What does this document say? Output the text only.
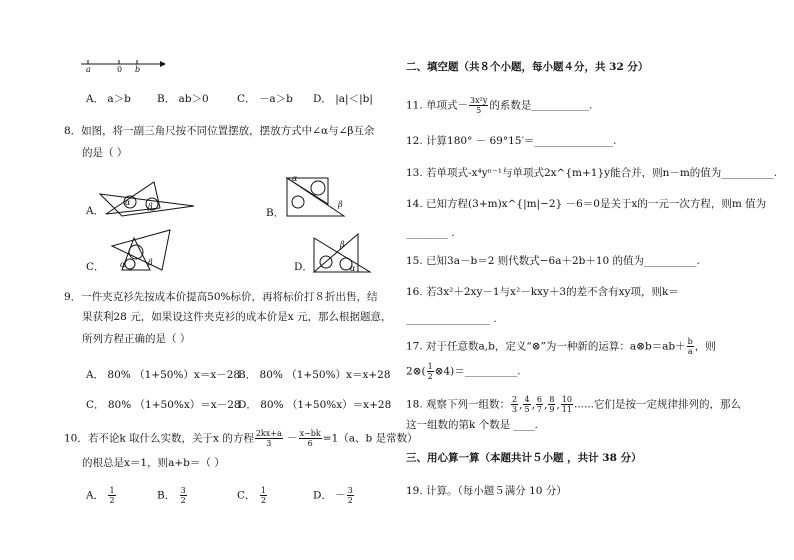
a	0 b
A． a＞b B． ab＞0	C． －a＞b D． |a|＜|b|
8．如图，将一副三角尺按不同位置摆放，摆放方式中∠α与∠β互余
的是（ ）
A．
α β
B．
α
β
C． α	β	D．
β
α
9．一件夹克衫先按成本价提高50%标价，再将标价打８折出售，结
果获利28 元，如果设这件夹克衫的成本价是x 元，那么根据题意，
所列方程正确的是（ ）
A． 80% （1+50%）x＝x－28
B． 80% （1+50%）x＝x+28
C． 80% （1+50%x）＝x－28
D． 80% （1+50%x）＝x+28
10．若不论k 取什么实数，关于x 的方程 $\frac{2kx+a}{3} - \frac{x-bk}{6} =1(a$、b 是常数）
的根总是x＝1，则a+b＝（ ）
A． $\frac{1}{2}$	B． $\frac{3}{2}$	C． $\frac{1}{2}$	D． － $\frac{3}{2}$
二、填空题（共８个小题，每小题４分，共 32 分）
11. 单项式－ $\frac{\text{3x²y}}{5}$ 的系数是___________.
12. 计算180° － 69°15′＝_______________.
13. 若单项式-x⁴yⁿ⁻¹与单项式2x^{m+1}y能合并，则n－m的值为__________.
14. 已知方程(3+m)x^{|m|−2} －6＝0是关于x的一元一次方程，则m 值为
________ .
15. 已知3a－b＝2 则代数式−6a＋2b＋10 的值为__________.
16. 若3x²＋2xy－1与x²－kxy＋3的差不含有xy项，则k＝
________________ .
17. 对于任意数a,b，定义“⊗”为一种新的运算：a⊗b＝ab＋ $\frac{b}{a}$ ，则
2⊗( $\frac{1}{2}$ ⊗4)＝__________.
18. 观察下列一组数： $\frac{2}{3}$ , $\frac{4}{5}$ , $\frac{6}{7}$ , $\frac{8}{9}$ , $\frac{10}{11}$ ......它们是按一定规律排列的，那么
这一组数的第k 个数是 ____.
三、用心算一算（本题共计５小题 ，共计 38 分）
19. 计算。（每小题５满分 10 分）
